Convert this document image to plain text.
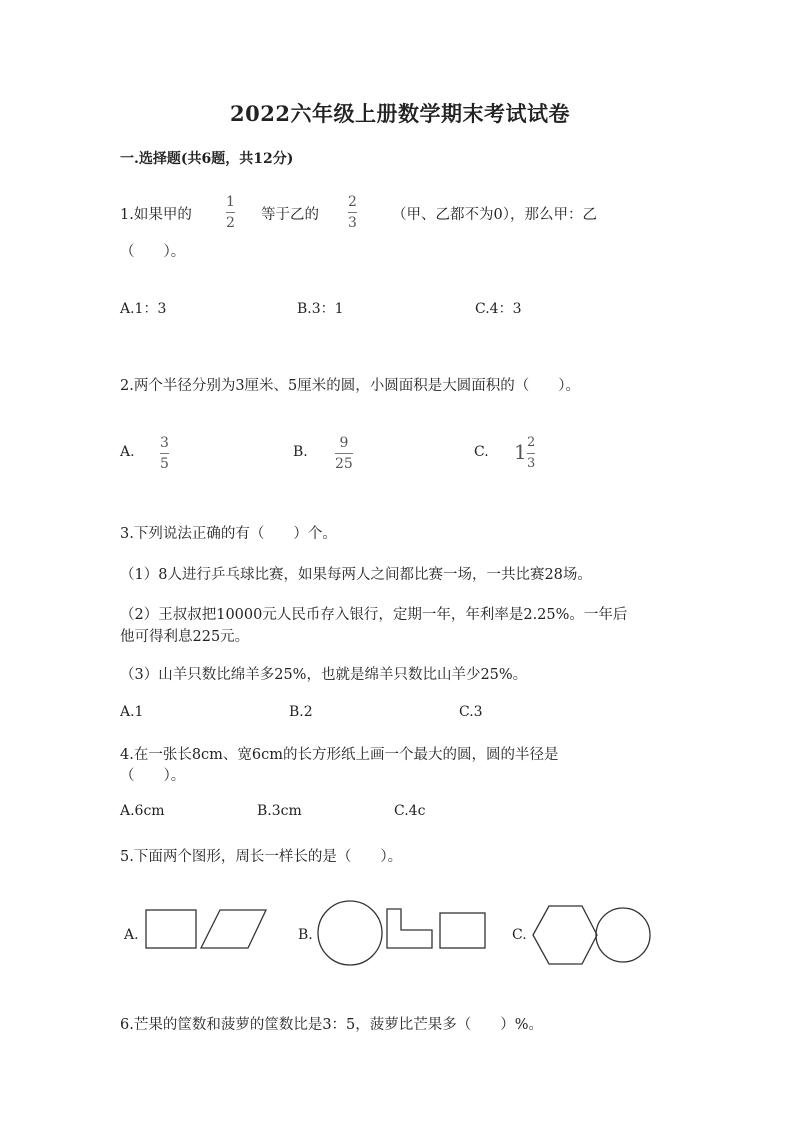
2022六年级上册数学期末考试试卷
一.选择题(共6题，共12分)
1.如果甲的
1
2 等于乙的
2
3 （甲、乙都不为0），那么甲：乙
（　　）。
A.1：3	B.3：1	C.4：3
2.两个半径分别为3厘米、5厘米的圆，小圆面积是大圆面积的（　　）。
A.
3
5
B.
9
25
C. 1 2
3
3.下列说法正确的有（　　）个。
（1）8人进行乒乓球比赛，如果每两人之间都比赛一场，一共比赛28场。
（2）王叔叔把10000元人民币存入银行，定期一年，年利率是2.25%。一年后
他可得利息225元。
（3）山羊只数比绵羊多25%，也就是绵羊只数比山羊少25%。
A.1	B.2	C.3
4.在一张长8cm、宽6cm的长方形纸上画一个最大的圆，圆的半径是
（　　）。
A.6cm	B.3cm	C.4c
5.下面两个图形，周长一样长的是（　　）。
A.	B.	C.
6.芒果的筐数和菠萝的筐数比是3：5，菠萝比芒果多（　　）%。
